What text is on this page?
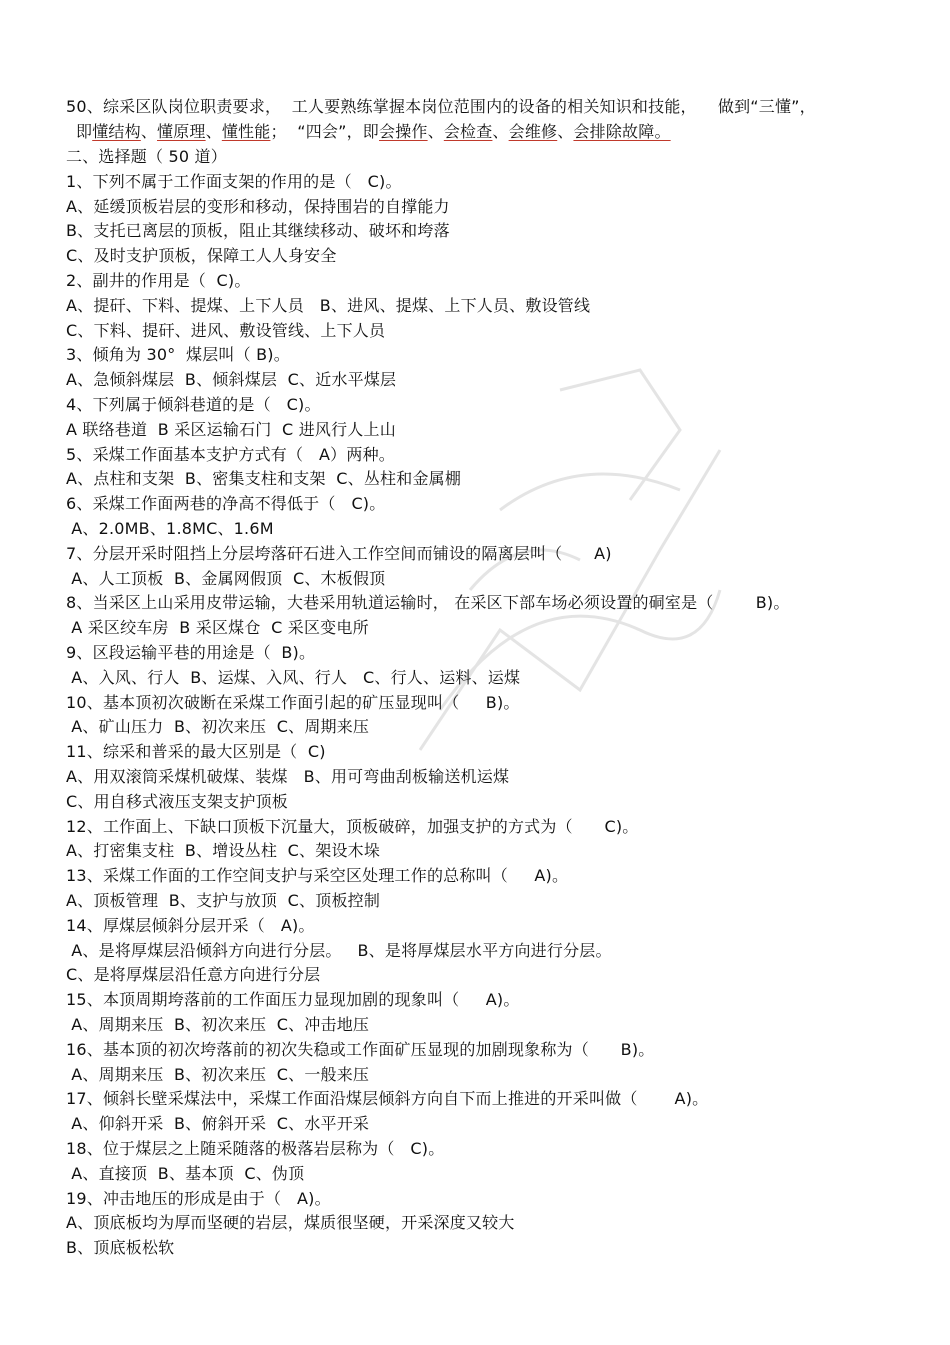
50、综采区队岗位职责要求，  工人要熟练掌握本岗位范围内的设备的相关知识和技能，    做到“三懂”，
即懂结构、懂原理、懂性能；  “四会”，即会操作、会检查、会维修、会排除故障。
二、选择题（ 50 道）
1、下列不属于工作面支架的作用的是（   C)。
A、延缓顶板岩层的变形和移动，保持围岩的自撑能力
B、支托已离层的顶板，阻止其继续移动、破坏和垮落
C、及时支护顶板，保障工人人身安全
2、副井的作用是（  C)。
A、提矸、下料、提煤、上下人员   B、进风、提煤、上下人员、敷设管线
C、下料、提矸、进风、敷设管线、上下人员
3、倾角为 30°  煤层叫（ B)。
A、急倾斜煤层  B、倾斜煤层  C、近水平煤层
4、下列属于倾斜巷道的是（   C)。
A 联络巷道  B 采区运输石门  C 进风行人上山
5、采煤工作面基本支护方式有（   A）两种。
A、点柱和支架  B、密集支柱和支架  C、丛柱和金属棚
6、采煤工作面两巷的净高不得低于（   C)。
A、2.0MB、1.8MC、1.6M
7、分层开采时阻挡上分层垮落矸石进入工作空间而铺设的隔离层叫（      A)
A、人工顶板  B、金属网假顶  C、木板假顶
8、当采区上山采用皮带运输，大巷采用轨道运输时， 在采区下部车场必须设置的硐室是（        B)。
A 采区绞车房  B 采区煤仓  C 采区变电所
9、区段运输平巷的用途是（  B)。
A、入风、行人  B、运煤、入风、行人   C、行人、运料、运煤
10、基本顶初次破断在采煤工作面引起的矿压显现叫（     B)。
A、矿山压力  B、初次来压  C、周期来压
11、综采和普采的最大区别是（  C)
A、用双滚筒采煤机破煤、装煤   B、用可弯曲刮板输送机运煤
C、用自移式液压支架支护顶板
12、工作面上、下缺口顶板下沉量大，顶板破碎，加强支护的方式为（      C)。
A、打密集支柱  B、增设丛柱  C、架设木垛
13、采煤工作面的工作空间支护与采空区处理工作的总称叫（     A)。
A、顶板管理  B、支护与放顶  C、顶板控制
14、厚煤层倾斜分层开采（   A)。
A、是将厚煤层沿倾斜方向进行分层。   B、是将厚煤层水平方向进行分层。
C、是将厚煤层沿任意方向进行分层
15、本顶周期垮落前的工作面压力显现加剧的现象叫（     A)。
A、周期来压  B、初次来压  C、冲击地压
16、基本顶的初次垮落前的初次失稳或工作面矿压显现的加剧现象称为（      B)。
A、周期来压  B、初次来压  C、一般来压
17、倾斜长壁采煤法中，采煤工作面沿煤层倾斜方向自下而上推进的开采叫做（       A)。
A、仰斜开采  B、俯斜开采  C、水平开采
18、位于煤层之上随采随落的极落岩层称为（   C)。
A、直接顶  B、基本顶  C、伪顶
19、冲击地压的形成是由于（   A)。
A、顶底板均为厚而坚硬的岩层，煤质很坚硬，开采深度又较大
B、顶底板松软
